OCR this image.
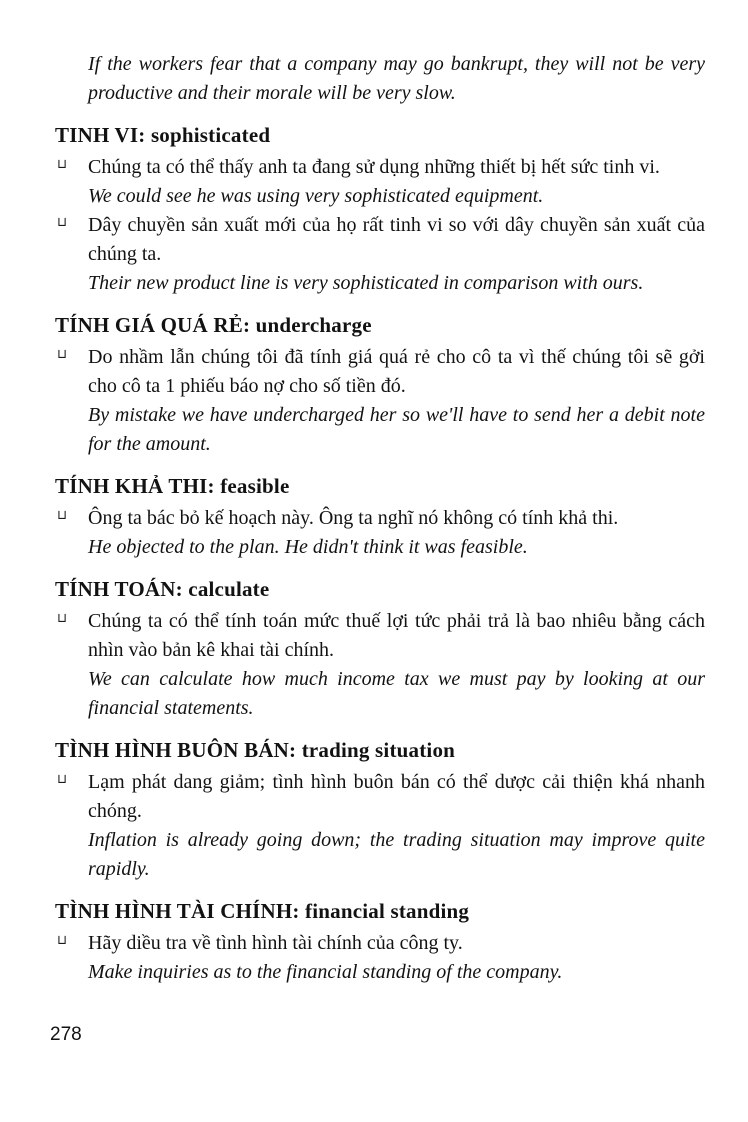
If the workers fear that a company may go bankrupt, they will not be very productive and their morale will be very slow.

TINH VI: sophisticated
⊔ Chúng ta có thể thấy anh ta đang sử dụng những thiết bị hết sức tinh vi.

We could see he was using very sophisticated equipment.

⊔ Dây chuyền sản xuất mới của họ rất tinh vi so với dây chuyền sản xuất của chúng ta.

Their new product line is very sophisticated in comparison with ours.

TÍNH GIÁ QUÁ RẺ: undercharge
⊔ Do nhầm lẫn chúng tôi đã tính giá quá rẻ cho cô ta vì thế chúng tôi sẽ gởi cho cô ta 1 phiếu báo nợ cho số tiền đó.

By mistake we have undercharged her so we'll have to send her a debit note for the amount.

TÍNH KHẢ THI: feasible
⊔ Ông ta bác bỏ kế hoạch này. Ông ta nghĩ nó không có tính khả thi.

He objected to the plan. He didn't think it was feasible.

TÍNH TOÁN: calculate
⊔ Chúng ta có thể tính toán mức thuế lợi tức phải trả là bao nhiêu bằng cách nhìn vào bản kê khai tài chính.

We can calculate how much income tax we must pay by looking at our financial statements.

TÌNH HÌNH BUÔN BÁN: trading situation
⊔ Lạm phát dang giảm; tình hình buôn bán có thể dược cải thiện khá nhanh chóng.

Inflation is already going down; the trading situation may improve quite rapidly.

TÌNH HÌNH TÀI CHÍNH: financial standing
⊔ Hãy diều tra về tình hình tài chính của công ty.

Make inquiries as to the financial standing of the company.

278
